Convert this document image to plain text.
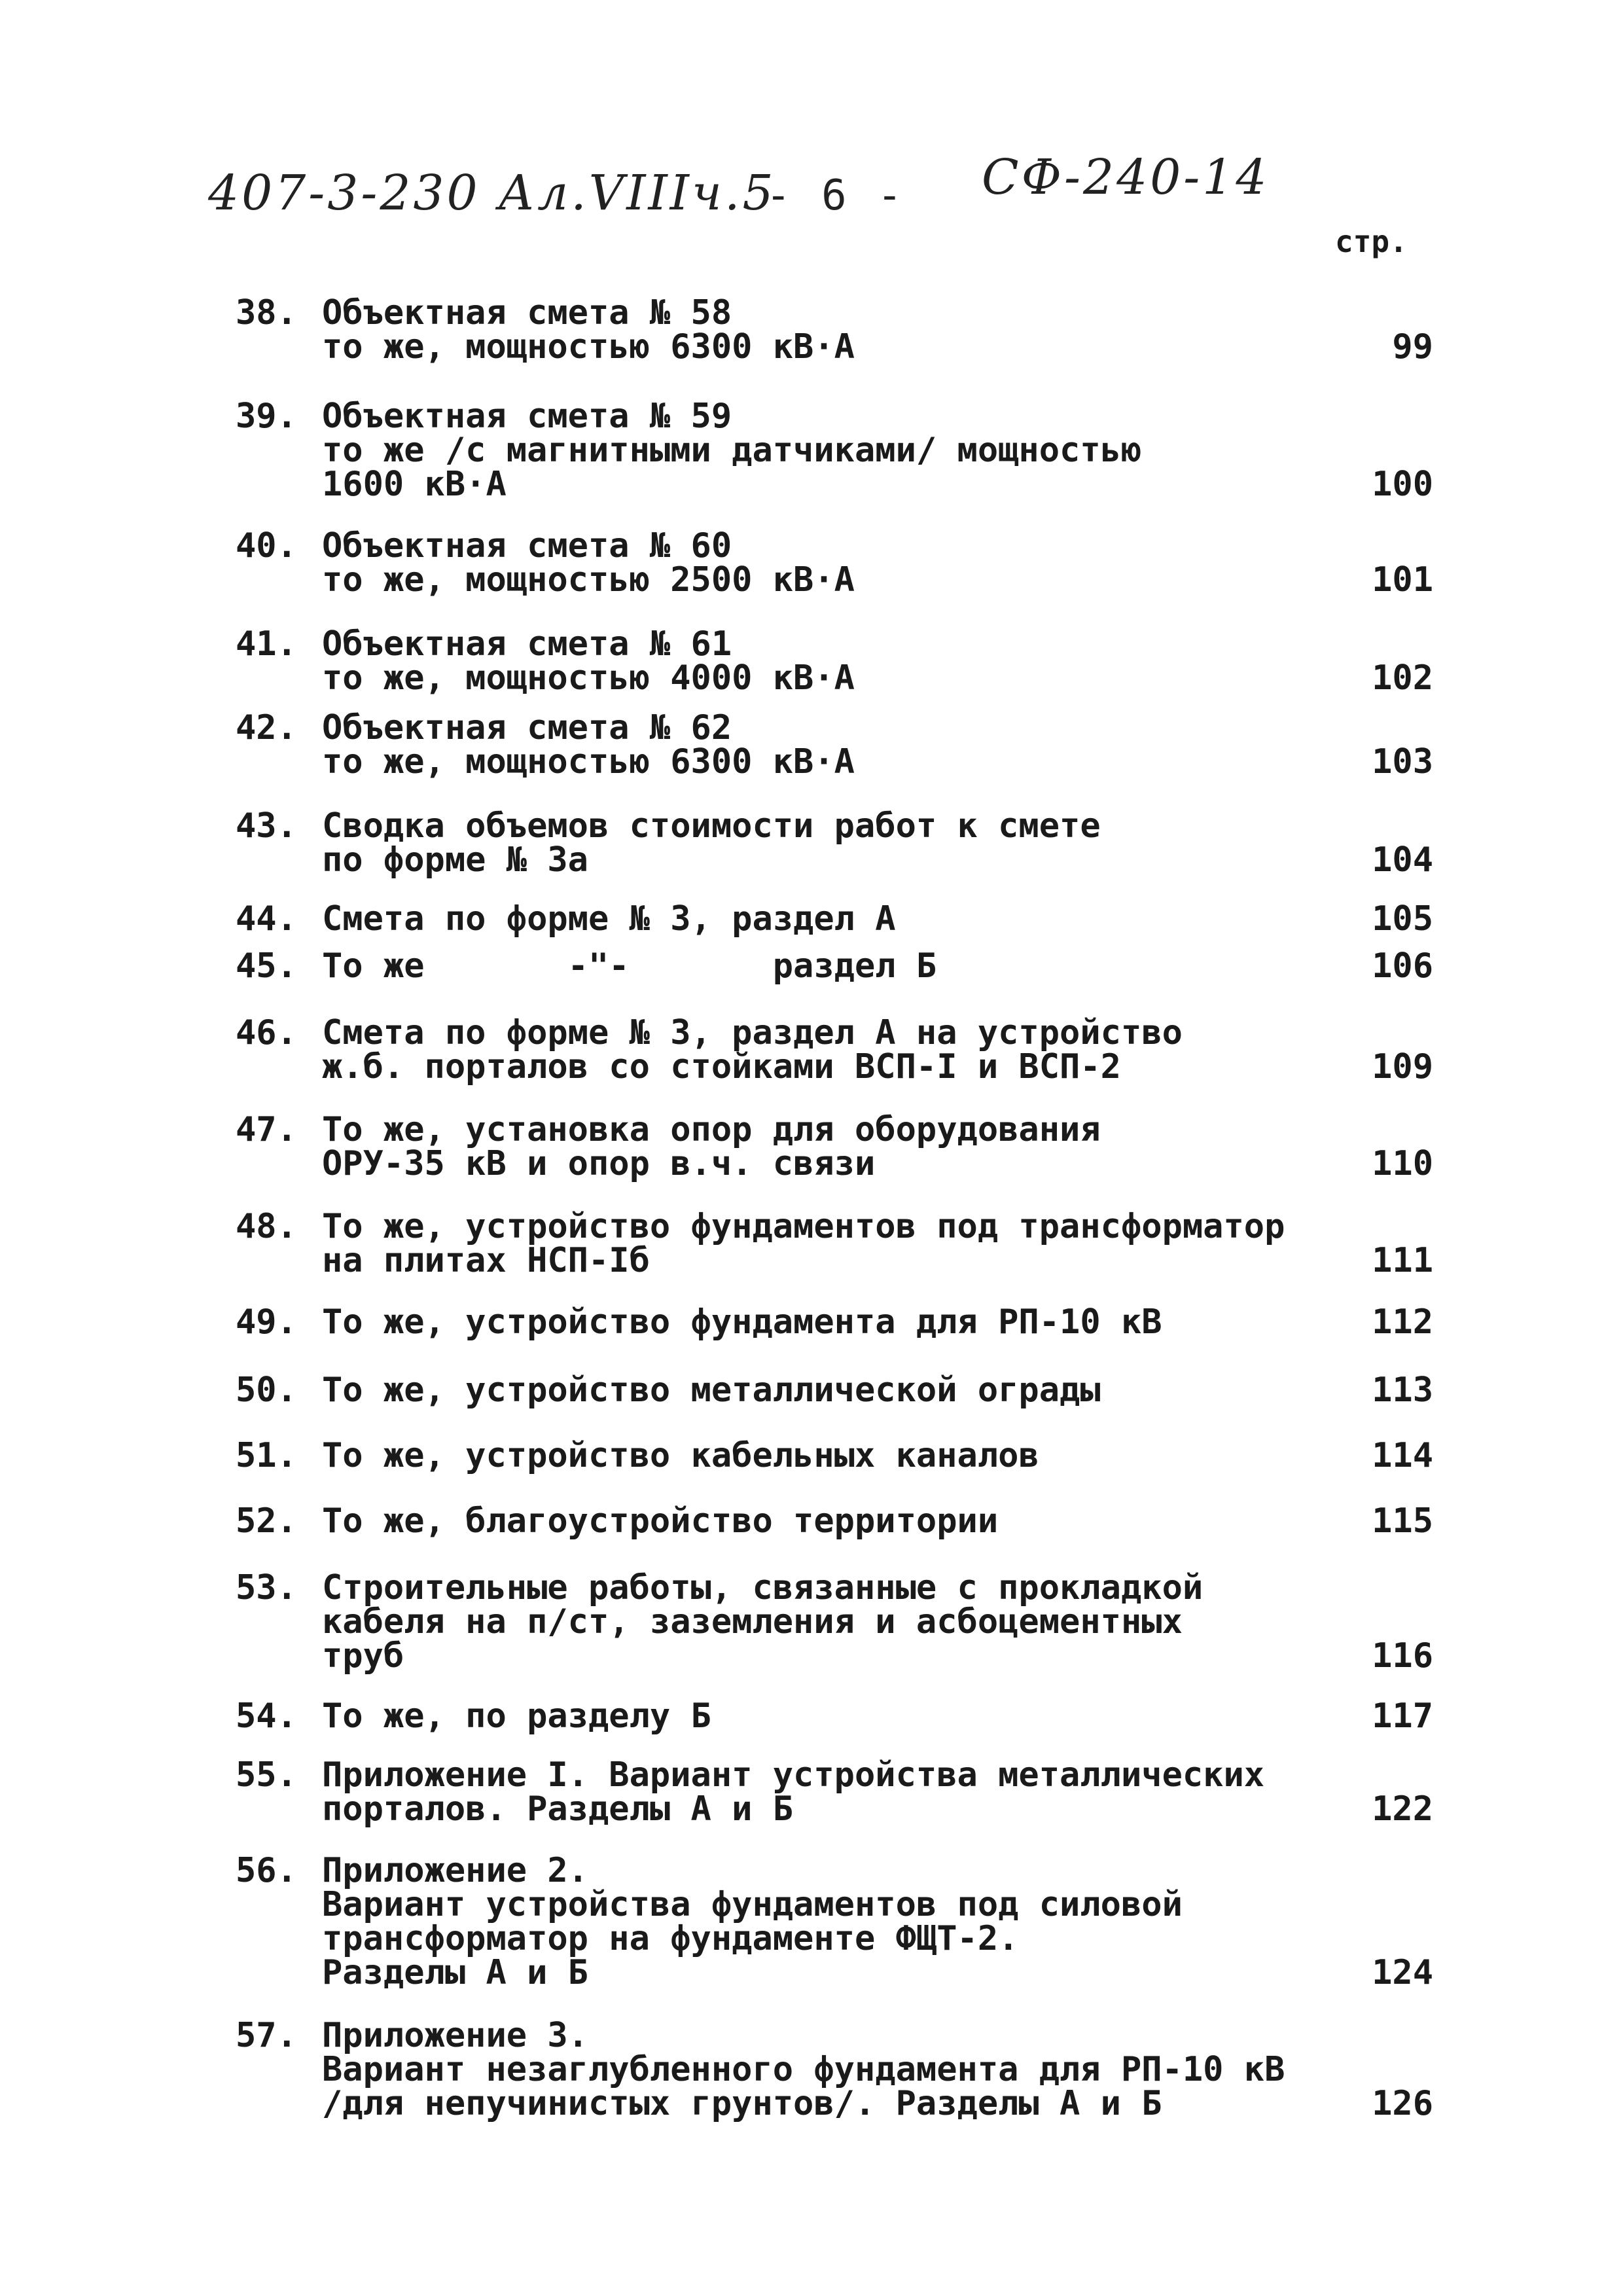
407-3-230 Ал.VIIIч.5
- 6 - СФ-240-14
стр.
38. Объектная смета № 58
то же, мощностью 6300 кВ·А	99
39. Объектная смета № 59
то же /с магнитными датчиками/ мощностью
1600 кВ·А	100
40. Объектная смета № 60
то же, мощностью 2500 кВ·А	101
41. Объектная смета № 61
то же, мощностью 4000 кВ·А	102
42. Объектная смета № 62
то же, мощностью 6300 кВ·А	103
43. Сводка объемов стоимости работ к смете
по форме № 3а	104
44. Смета по форме № 3, раздел А	105
45. То же       -"-       раздел Б	106
46. Смета по форме № 3, раздел А на устройство
ж.б. порталов со стойками ВСП-I и ВСП-2	109
47. То же, установка опор для оборудования
ОРУ-35 кВ и опор в.ч. связи	110
48. То же, устройство фундаментов под трансформатор
на плитах НСП-Iб	111
49. То же, устройство фундамента для РП-10 кВ	112
50. То же, устройство металлической ограды	113
51. То же, устройство кабельных каналов	114
52. То же, благоустройство территории	115
53. Строительные работы, связанные с прокладкой
кабеля на п/ст, заземления и асбоцементных
труб	116
54. То же, по разделу Б	117
55. Приложение I. Вариант устройства металлических
порталов. Разделы А и Б	122
56. Приложение 2.
Вариант устройства фундаментов под силовой
трансформатор на фундаменте ФЩТ-2.
Разделы А и Б	124
57. Приложение 3.
Вариант незаглубленного фундамента для РП-10 кВ
/для непучинистых грунтов/. Разделы А и Б	126
